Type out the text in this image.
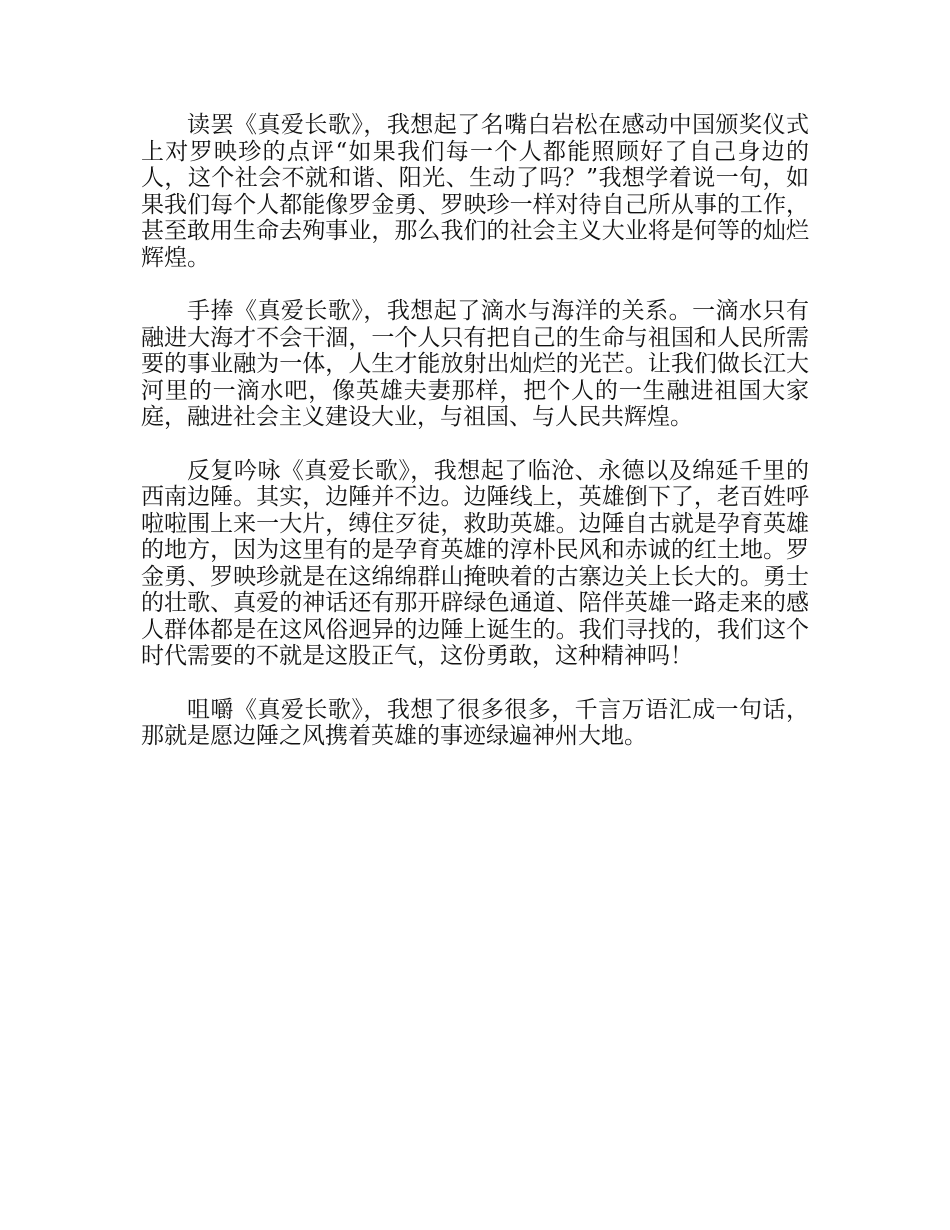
读罢《真爱长歌》，我想起了名嘴白岩松在感动中国颁奖仪式上对罗映珍的点评“如果我们每一个人都能照顾好了自己身边的人，这个社会不就和谐、阳光、生动了吗？”我想学着说一句，如果我们每个人都能像罗金勇、罗映珍一样对待自己所从事的工作，甚至敢用生命去殉事业，那么我们的社会主义大业将是何等的灿烂辉煌。

手捧《真爱长歌》，我想起了滴水与海洋的关系。一滴水只有融进大海才不会干涸，一个人只有把自己的生命与祖国和人民所需要的事业融为一体，人生才能放射出灿烂的光芒。让我们做长江大河里的一滴水吧，像英雄夫妻那样，把个人的一生融进祖国大家庭，融进社会主义建设大业，与祖国、与人民共辉煌。

反复吟咏《真爱长歌》，我想起了临沧、永德以及绵延千里的西南边陲。其实，边陲并不边。边陲线上，英雄倒下了，老百姓呼啦啦围上来一大片，缚住歹徒，救助英雄。边陲自古就是孕育英雄的地方，因为这里有的是孕育英雄的淳朴民风和赤诚的红土地。罗金勇、罗映珍就是在这绵绵群山掩映着的古寨边关上长大的。勇士的壮歌、真爱的神话还有那开辟绿色通道、陪伴英雄一路走来的感人群体都是在这风俗迥异的边陲上诞生的。我们寻找的，我们这个时代需要的不就是这股正气，这份勇敢，这种精神吗！

咀嚼《真爱长歌》，我想了很多很多，千言万语汇成一句话，那就是愿边陲之风携着英雄的事迹绿遍神州大地。
